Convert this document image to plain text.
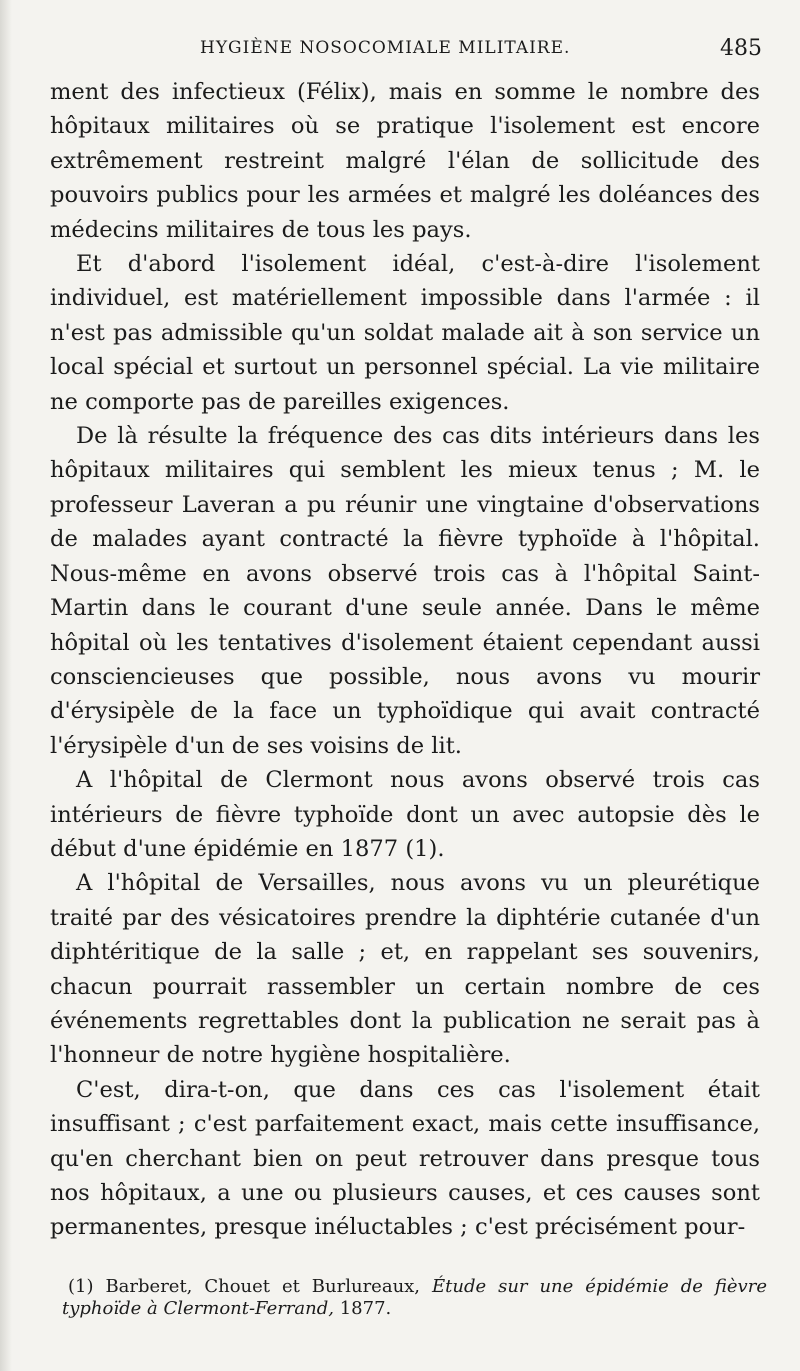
HYGIÈNE NOSOCOMIALE MILITAIRE.	485

ment des infectieux (Félix), mais en somme le nombre des hôpitaux militaires où se pratique l'isolement est encore extrêmement restreint malgré l'élan de sollicitude des pouvoirs publics pour les armées et malgré les doléances des médecins militaires de tous les pays.

Et d'abord l'isolement idéal, c'est-à-dire l'isolement individuel, est matériellement impossible dans l'armée : il n'est pas admissible qu'un soldat malade ait à son service un local spécial et surtout un personnel spécial. La vie militaire ne comporte pas de pareilles exigences.

De là résulte la fréquence des cas dits intérieurs dans les hôpitaux militaires qui semblent les mieux tenus ; M. le professeur Laveran a pu réunir une vingtaine d'observations de malades ayant contracté la fièvre typhoïde à l'hôpital. Nous-même en avons observé trois cas à l'hôpital Saint-Martin dans le courant d'une seule année. Dans le même hôpital où les tentatives d'isolement étaient cependant aussi consciencieuses que possible, nous avons vu mourir d'érysipèle de la face un typhoïdique qui avait contracté l'érysipèle d'un de ses voisins de lit.

A l'hôpital de Clermont nous avons observé trois cas intérieurs de fièvre typhoïde dont un avec autopsie dès le début d'une épidémie en 1877 (1).

A l'hôpital de Versailles, nous avons vu un pleurétique traité par des vésicatoires prendre la diphtérie cutanée d'un diphtéritique de la salle ; et, en rappelant ses souvenirs, chacun pourrait rassembler un certain nombre de ces événements regrettables dont la publication ne serait pas à l'honneur de notre hygiène hospitalière.

C'est, dira-t-on, que dans ces cas l'isolement était insuffisant ; c'est parfaitement exact, mais cette insuffisance, qu'en cherchant bien on peut retrouver dans presque tous nos hôpitaux, a une ou plusieurs causes, et ces causes sont permanentes, presque inéluctables ; c'est précisément pour-

(1) Barberet, Chouet et Burlureaux, Étude sur une épidémie de fièvre typhoïde à Clermont-Ferrand, 1877.
